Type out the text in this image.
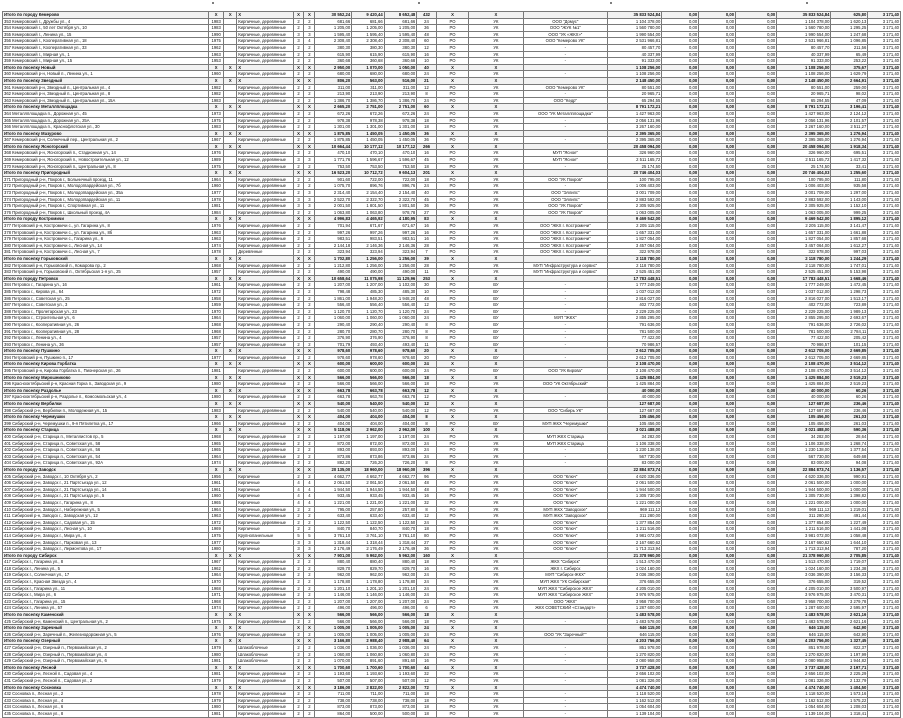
Итого по городу Кемерово	X	X	X	X	X	30 552,24	9 420,44	8 652,48	432	X	X		35 833 524,84	0,00	0,00	0,00	35 833 524,84	625,80	3 171,40
353 Кемеровский г., Дружбы ул., 4	1983		Кирпичные, деревянные	2	2	681,66	681,66	681,66	24	РО	УК	ООО "Домус"	1 104 378,00	0,00	0,00	0,00	1 104 378,00	1 620,13	3 171,40
354 Кемеровский г., 50 лет Октября ул., 10	1983		Кирпичные, деревянные	2	3	1 205,00	1 205,00	1 205,00	36	РО	УК	ООО "ЖУК №1"	1 560 780,00	0,00	0,00	0,00	1 560 780,00	1 295,25	3 171,40
355 Кемеровский г., Ленина ул., 15	1990		Кирпичные, деревянные	3	3	1 595,40	1 595,40	1 595,40	48	РО	УК	ООО "УК «ЖКХ»"	1 990 554,00	0,00	0,00	0,00	1 990 554,00	1 247,68	3 171,40
356 Кемеровский г., Кооперативная ул., 18	1975		Кирпичные, деревянные	3	4	2 308,40	2 308,40	2 308,40	60	РО	УК	ООО "Кемерово УК"	2 531 966,81	0,00	0,00	0,00	2 531 966,81	1 096,85	3 171,40
357 Кемеровский г., Кооперативная ул., 33	1962		Кирпичные, деревянные	2	2	380,30	380,30	380,30	12	РО	УК	-	80 457,70	0,00	0,00	0,00	80 457,70	211,56	3 171,40
358 Кемеровский г., Мирная ул., 1	1963		Кирпичные, деревянные	2	2	615,90	615,90	615,90	16	РО	УК	-	40 337,99	0,00	0,00	0,00	40 337,99	65,49	3 171,40
359 Кемеровский г., Мирная ул., 15	1953		Кирпичные, деревянные	2	2	360,68	360,68	360,68	10	РО	УК	-	91 333,00	0,00	0,00	0,00	91 333,00	253,22	3 171,40
Итого по поселку Новый	X	X	X	X	X	2 950,00	1 070,00	1 050,00	40	X	X		1 108 256,00	0,00	0,00	0,00	1 108 256,00	375,67	3 171,40
360 Кемеровский р-н, Новый п., Ленина ул., 1	1960		Кирпичные, деревянные	2	2	680,00	680,00	680,00	24	РО	УК	-	1 108 256,00	0,00	0,00	0,00	1 108 256,00	1 629,79	3 171,40
Итого по поселку Звездный	X	X	X	X	X	806,20	563,00	516,00	21	X	X		2 148 450,00	0,00	0,00	0,00	2 148 450,00	2 664,91	3 171,40
361 Кемеровский р-н, Звездный п., Центральная ул., 4	1982		Кирпичные, деревянные	2	2	311,00	311,00	311,00	12	РО	УК	ООО "Кемерово УК"	80 551,00	0,00	0,00	0,00	80 551,00	259,00	3 171,40
362 Кемеровский р-н, Звездный п., Центральная ул., 8	1982		Кирпичные, деревянные	2	2	213,90	213,90	213,90	8	РО	УК	-	20 965,71	0,00	0,00	0,00	20 965,71	98,02	3 171,40
363 Кемеровский р-н, Звездный п., Центральная ул., 15А	1983		Кирпичные, деревянные	2	2	1 386,70	1 386,70	1 386,70	24	РО	УК	ООО "Кедр"	65 294,55	0,00	0,00	0,00	65 294,55	47,09	3 171,40
Итого по поселку Металлплощадка	X	X	X	X	X	2 665,20	2 751,00	2 751,00	60	X	X		8 791 172,21	0,00	0,00	0,00	8 791 172,21	3 196,41	3 171,40
364 Металлплощадка п., Дорожная ул., 45	1973		Кирпичные, деревянные	2	2	672,26	672,26	672,26	24	РО	УК	ООО "УК Металлплощадка"	1 427 963,00	0,00	0,00	0,00	1 427 963,00	2 124,12	3 171,40
365 Металлплощадка п., Дорожная ул., 25А	1975		Кирпичные, деревянные	2	2	978,38	978,38	978,38	18	РО	УК	-	2 056 131,96	0,00	0,00	0,00	2 056 131,96	2 101,57	3 171,40
366 Металлплощадка п., Краснофлотская ул., 30	1983		Кирпичные, деревянные	2	2	1 301,00	1 301,00	1 301,00	18	РО	УК	-	3 267 160,00	0,00	0,00	0,00	3 267 160,00	2 511,27	3 171,40
Итого по поселку Мазурово	X	X	X	X	X	1 875,85	1 450,05	1 450,05	36	X	X		2 395 365,00	0,00	0,00	0,00	2 395 365,00	1 276,94	3 171,40
367 Кемеровский р-н, Солнечный пер., Центральная ул., 2	1967		Кирпичные, деревянные	2	2	1 875,85	1 450,05	1 450,05	36	РО	УК	-	2 395 365,00	0,00	0,00	0,00	2 395 365,00	1 276,94	3 171,40
Итого по поселку Ясногорский	X	X	X	X	X	10 664,44	10 177,12	10 177,12	266	X	X		20 458 094,00	0,00	0,00	0,00	20 458 094,00	1 918,34	3 171,40
368 Кемеровский р-н, Ясногорский п., Стадионная ул., 14	1976		Кирпичные, деревянные	2	2	470,10	470,10	470,10	16	РО	УК	МУП "Ясное"	326 960,00	0,00	0,00	0,00	326 960,00	695,51	3 171,40
369 Кемеровский р-н, Ясногорский п., Новостроительная ул., 12	1989		Кирпичные, деревянные	3	3	1 771,76	1 596,67	1 596,67	45	РО	УК	МУП "Ясное"	2 511 165,72	0,00	0,00	0,00	2 511 165,72	1 417,32	3 171,40
370 Кемеровский р-н, Ясногорский п., Центральная ул., 8	1975		Кирпичные, деревянные	2	2	753,50	753,50	753,50	18	РО	УК	-	25 174,50	0,00	0,00	0,00	25 174,50	33,41	3 171,40
Итого по поселку Пригородный	X	X	X	X	X	16 523,20	10 712,72	9 604,13	201	X	X		20 746 404,03	0,00	0,00	0,00	20 746 404,03	1 255,60	3 171,40
371 Пригородный р-н, Покров г., Больничный проезд, 11	1964		Кирпичные, деревянные	2	2	901,60	722,00	722,00	18	РО	УК	ООО "УК Покров"	100 795,00	0,00	0,00	0,00	100 795,00	111,80	3 171,40
372 Пригородный р-н, Покров г., Молодогвардейская ул., 7б	1960		Кирпичные, деревянные	2	2	1 075,70	896,76	896,76	24	РО	УК	-	1 006 403,00	0,00	0,00	0,00	1 006 403,00	935,58	3 171,40
373 Пригородный р-н, Покров г., Молодогвардейская ул., 35а	1977		Кирпичные, деревянные	2	3	2 314,40	2 154,40	2 154,40	40	РО	УК	ООО "Эллипс"	3 001 709,00	0,00	0,00	0,00	3 001 709,00	1 297,00	3 171,40
374 Пригородный р-н, Покров г., Молодогвардейская ул., 11	1978		Кирпичные, деревянные	3	3	2 522,70	2 322,70	2 322,70	45	РО	УК	ООО "Эллипс"	2 883 592,00	0,00	0,00	0,00	2 883 592,00	1 143,00	3 171,40
375 Пригородный р-н, Покров г., Спортивная ул., 11	1981		Кирпичные, деревянные	3	3	2 001,50	1 801,50	1 801,50	36	РО	УК	ООО "УК Покров"	2 305 925,00	0,00	0,00	0,00	2 305 925,00	1 152,10	3 171,40
376 Пригородный р-н, Покров г., Школьный проезд, 4А	1984		Кирпичные, деревянные	2	2	1 063,80	1 063,80	978,78	27	РО	УК	ООО "УК Покров"	1 063 005,00	0,00	0,00	0,00	1 063 005,00	999,25	3 171,40
Итого по городу Костромичи	X	X	X	X	X	4 996,83	4 465,92	4 180,95	83	X	X		9 469 542,00	0,00	0,00	0,00	9 469 542,00	1 895,12	3 171,40
377 Петровский р-н, Костромичи с., ул. Гагарина ул., 8	1976		Кирпичные, деревянные	2	2	701,94	671,67	671,67	16	РО	УК	ООО "ЖКХ г. Костромичи"	2 205 115,00	0,00	0,00	0,00	2 205 115,00	3 141,47	3 171,40
378 Петровский р-н, Костромичи с., ул. Гагарина ул., 8б	1963		Кирпичные, деревянные	2	2	997,26	997,26	997,26	16	РО	УК	ООО "ЖКХ г. Костромичи"	1 657 331,00	0,00	0,00	0,00	1 657 331,00	1 661,88	3 171,40
379 Петровский р-н, Костромичи с., Гагарина ул., 6	1963		Кирпичные, деревянные	2	2	983,51	983,51	983,51	16	РО	УК	ООО "ЖКХ г. Костромичи"	1 827 054,00	0,00	0,00	0,00	1 827 054,00	1 857,68	3 171,40
380 Петровский р-н, Костромичи с., Лесная ул., 14	1974		Кирпичные, деревянные	2	2	2 144,18	2 146,36	2 146,36	28	РО	УК	ООО "ЖКХ г. Костромичи"	3 457 064,00	0,00	0,00	0,00	3 457 064,00	1 612,27	3 171,40
381 Петровский р-н, Костромичи с., Лесная ул., 7	1978		Деревянные	2	2	323,94	323,94	323,94	7	РО	УК	ООО "ЖКХ г. Костромичи"	322 978,00	0,00	0,00	0,00	322 978,00	997,03	3 171,40
Итого по поселку Горьковский	X	X	X	X	X	1 702,80	1 256,00	1 256,00	39	X	X		2 118 780,00	0,00	0,00	0,00	2 118 780,00	1 244,29	3 171,40
382 Петровский р-н, Горьковский п., Комарова пр., 2	1968		Кирпичные, деревянные	2	2	1 212,80	1 256,00	1 256,00	28	РО	УК	МУП "Инфраструктура и сервис"	2 118 780,00	0,00	0,00	0,00	2 118 780,00	1 747,01	3 171,40
383 Петровский р-н, Горьковский п., Октябрьская 1-я ул., 25	1957		Кирпичные, деревянные	2	2	490,00	490,00	490,00	11	РО	УК	МУП "Инфраструктура и сервис"	2 525 451,00	0,00	0,00	0,00	2 525 451,00	5 153,98	3 171,40
Итого по городу Петровск	X	X	X	X	X	10 658,64	11 075,98	11 129,96	253	X	X		17 783 448,51	0,00	0,00	0,00	17 783 448,51	1 668,46	3 171,40
384 Петровск г., Гагарина ул., 16	1961		Кирпичные, деревянные	2	2	1 207,00	1 207,00	1 102,00	30	РО	ВУ	-	1 777 249,00	0,00	0,00	0,00	1 777 249,00	1 472,45	3 171,40
385 Петровск г., Кирова ул., 64	1972		Кирпичные, деревянные	2	2	798,48	485,30	485,30	10	РО	ВУ	-	1 037 012,00	0,00	0,00	0,00	1 037 012,00	1 298,73	3 171,40
386 Петровск г., Советская ул., 25	1958		Кирпичные, деревянные	2	2	1 861,00	1 948,20	1 948,20	48	РО	ВУ	-	2 816 027,00	0,00	0,00	0,00	2 816 027,00	1 513,17	3 171,40
387 Петровск г., Советская ул., 3	1959		Кирпичные, деревянные	2	2	556,40	556,40	556,40	12	РО	ВУ	-	402 772,00	0,00	0,00	0,00	402 772,00	723,89	3 171,40
388 Петровск г., Пролетарская ул., 23	1970		Кирпичные, деревянные	2	2	1 120,70	1 120,70	1 120,70	24	РО	ВУ	-	2 229 225,00	0,00	0,00	0,00	2 229 225,00	1 989,13	3 171,40
389 Петровск г., Строительная ул., 6	1964		Кирпичные, деревянные	2	2	1 060,00	1 060,00	1 060,00	24	РО	ВУ	МУП "ЖКХ"	2 855 295,00	0,00	0,00	0,00	2 855 295,00	2 693,67	3 171,40
390 Петровск г., Кооперативная ул., 26	1968		Кирпичные, деревянные	2	2	290,40	290,40	290,40	8	РО	ВУ	-	791 636,00	0,00	0,00	0,00	791 636,00	2 726,02	3 171,40
391 Петровск г., Кооперативная ул., 28	1968		Кирпичные, деревянные	2	2	280,70	280,70	280,70	8	РО	ВУ	-	781 500,00	0,00	0,00	0,00	781 500,00	2 784,11	3 171,40
392 Петровск г., Ленина ул., 4	1957		Кирпичные, деревянные	2	2	376,90	376,90	376,90	8	РО	ВУ	-	77 422,00	0,00	0,00	0,00	77 422,00	205,42	3 171,40
393 Петровск г., Ленина ул., 36	1957		Кирпичные, деревянные	2	2	701,79	493,40	493,40	11	РО	ВУ	-	70 986,57	0,00	0,00	0,00	70 986,57	101,15	3 171,40
Итого по поселку Пушкино	X	X	X	X	X	978,60	978,60	978,60	20	X	X		2 612 705,00	0,00	0,00	0,00	2 612 705,00	2 669,85	3 171,40
394 Петровский р-н, Пушкино п., 17	1977		Кирпичные, деревянные	2	2	978,60	978,60	978,60	20	РО	ВУ	-	2 612 705,00	0,00	0,00	0,00	2 612 705,00	2 669,85	3 171,40
Итого по поселку Кирова Горбатка	X	X	X	X	X	600,00	600,00	600,00	24	X	X		2 108 470,00	0,00	0,00	0,00	2 108 470,00	3 514,12	3 171,40
395 Петровский р-н, Кирова Горбатка п., Пионерская ул., 26	1981		Кирпичные, деревянные	2	2	600,00	600,00	600,00	24	РО	ВУ	ООО "УК Кирова"	2 108 470,00	0,00	0,00	0,00	2 108 470,00	3 514,12	3 171,40
Итого по поселку Мирошниково	X	X	X	X	X	566,00	566,00	566,00	18	X	X		1 425 884,00	0,00	0,00	0,00	1 425 884,00	2 519,23	3 171,40
396 Краснооктябрьский р-н, Красная Горка п., Заводская ул., 9	1980		Кирпичные, деревянные	2	2	566,00	566,00	566,00	18	РО	УК	ООО "УК Октябрьский"	1 425 884,00	0,00	0,00	0,00	1 425 884,00	2 519,23	3 171,40
Итого по поселку Раздолье	X	X	X	X	X	663,78	663,78	663,78	12	X	X		40 000,00	0,00	0,00	0,00	40 000,00	60,26	3 171,40
397 Краснооктябрьский р-н, Раздолье п., Комсомольская ул., 4	1980		Кирпичные, деревянные	2	2	663,78	663,78	663,78	12	РО	УК	-	40 000,00	0,00	0,00	0,00	40 000,00	60,26	3 171,40
Итого по поселку Вербилки	X	X	X	X	X	540,00	540,00	540,00	12	X	X		127 687,00	0,00	0,00	0,00	127 687,00	236,46	3 171,40
398 Сибирский р-н, Вербилки п., Молодежная ул., 15	1983		Кирпичные, деревянные	2	2	540,00	540,00	540,00	12	РО	УК	ООО "Сибирь УК"	127 687,00	0,00	0,00	0,00	127 687,00	236,46	3 171,40
Итого по поселку Черемушки	X	X	X	X	X	404,00	404,00	404,00	8	X	X		105 456,00	0,00	0,00	0,00	105 456,00	261,03	3 171,40
399 Сибирский р-н, Черемушки п., 9-я Пятилетка ул., 17	1966		Кирпичные, деревянные	2	2	404,00	404,00	404,00	8	РО	ВУ	МУП ЖКХ "Черемушки"	105 456,00	0,00	0,00	0,00	105 456,00	261,03	3 171,40
Итого по поселку Старица	X	X	X	X	X	5 118,06	2 962,00	2 962,00	100	X	X		3 021 488,00	0,00	0,00	0,00	3 021 488,00	590,36	3 171,40
400 Сибирский р-н, Старица п., Металлистов пр., 5	1968		Кирпичные, деревянные	2	2	1 197,00	1 197,00	1 197,00	24	РО	УК	МУП ЖКХ Старица	34 282,00	0,00	0,00	0,00	34 282,00	28,64	3 171,40
401 Сибирский р-н, Старица п., Советская ул., 58	1965		Кирпичные, деревянные	2	2	872,00	872,00	872,00	24	РО	УК	МУП ЖКХ Старица	1 106 338,00	0,00	0,00	0,00	1 106 338,00	1 268,74	3 171,40
402 Сибирский р-н, Старица п., Советская ул., 56	1965		Кирпичные, деревянные	2	2	893,00	893,00	893,00	24	РО	УК	-	1 230 138,00	0,00	0,00	0,00	1 230 138,00	1 377,54	3 171,40
403 Сибирский р-н, Старица п., Советская ул., 54	1964		Кирпичные, деревянные	2	2	873,86	873,86	873,86	24	РО	УК	-	567 730,00	0,00	0,00	0,00	567 730,00	649,68	3 171,40
404 Сибирский р-н, Старица п., Советская ул., 92А	1974		Кирпичные, деревянные	2	2	882,20	726,20	726,20	8	РО	УК	-	83 000,00	0,00	0,00	0,00	83 000,00	94,08	3 171,40
Итого по городу Заводск	X	X	X	X	X	20 135,00	18 960,00	18 960,00	396	X	X		22 884 873,74	0,00	0,00	0,00	22 884 873,74	1 136,57	3 171,40
405 Сибирский р-н, Заводск г., 10 Октября ул., 2	1956		Кирпичные	2	2	4 662,77	4 662,77	4 662,77	96	РО	УК	ООО "Ключ"	4 620 336,00	0,00	0,00	0,00	4 620 336,00	990,91	3 171,40
406 Сибирский р-н, Заводск г., 21 Партсъезда ул., 12	1961		Кирпичные	4	4	2 061,50	2 061,50	2 061,50	48	РО	УК	ООО "Ключ"	2 061 500,00	0,00	0,00	0,00	2 061 500,00	1 000,00	3 171,40
407 Сибирский р-н, Заводск г., 21 Партсъезда ул., 14	1961		Кирпичные	4	4	1 944,50	1 944,50	1 944,50	48	РО	УК	ООО "Ключ"	1 944 500,00	0,00	0,00	0,00	1 944 500,00	1 000,00	3 171,40
408 Сибирский р-н, Заводск г., 21 Партсъезда ул., 5	1960		Кирпичные	4	4	933,45	933,45	933,45	16	РО	УК	ООО "Ключ"	1 305 730,00	0,00	0,00	0,00	1 305 730,00	1 398,82	3 171,40
409 Сибирский р-н, Заводск г., Гагарина ул., 8	1965		Кирпичные	4	4	1 221,00	1 221,00	1 221,00	32	РО	УК	ООО "Ключ"	1 221 000,00	0,00	0,00	0,00	1 221 000,00	1 000,00	3 171,40
410 Сибирский р-н, Заводск г., Набережная ул., 5	1964		Кирпичные, деревянные	2	2	795,00	257,80	257,80	8	РО	УК	МУП ЖКХ "Заводское"	969 111,12	0,00	0,00	0,00	969 111,12	1 219,01	3 171,40
411 Сибирский р-н, Заводск г., Заводская ул., 12	1963		Кирпичные, деревянные	2	2	633,40	633,40	633,40	12	РО	УК	МУП ЖКХ "Заводское"	311 280,00	0,00	0,00	0,00	311 280,00	491,44	3 171,40
412 Сибирский р-н, Заводск г., Садовая ул., 15	1972		Кирпичные, деревянные	2	2	1 122,50	1 122,50	1 122,50	24	РО	УК	ООО "Ключ"	1 377 854,00	0,00	0,00	0,00	1 377 854,00	1 227,49	3 171,40
413 Сибирский р-н, Заводск г., Лесная ул., 10	1969		Кирпичные	2	2	840,70	840,70	840,70	18	РО	УК	ООО "Ключ"	1 211 516,00	0,00	0,00	0,00	1 211 516,00	1 441,08	3 171,40
414 Сибирский р-н, Заводск г., Мира ул., 4	1975		Крупнопанельные	5	5	3 761,10	3 761,10	3 761,10	80	РО	УК	ООО "Ключ"	3 981 072,00	0,00	0,00	0,00	3 981 072,00	1 058,48	3 171,40
415 Сибирский р-н, Заводск г., Парковая ул., 13	1977		Кирпичные	3	3	1 318,44	1 318,44	1 318,44	27	РО	УК	ООО "Ключ"	2 167 660,62	0,00	0,00	0,00	2 167 660,62	1 644,10	3 171,40
416 Сибирский р-н, Заводск г., Лермонтова ул., 17	1980		Кирпичные	3	3	2 176,49	2 176,49	2 176,49	36	РО	УК	ООО "Ключ"	1 713 313,94	0,00	0,00	0,00	1 713 313,94	787,20	3 171,40
Итого по городу Сибирск	X	X	X	X	X	7 901,00	5 962,00	5 962,00	160	X	X		21 378 960,00	0,00	0,00	0,00	21 378 960,00	2 705,85	3 171,40
417 Сибирск г., Гагарина ул., 8	1967		Кирпичные, деревянные	2	2	880,40	880,40	880,40	18	РО	УК	ЖКХ "Сибирск"	1 513 470,00	0,00	0,00	0,00	1 513 470,00	1 719,07	3 171,40
418 Сибирск г., Ленина ул., 5	1962		Кирпичные, деревянные	2	2	829,70	829,70	829,70	16	РО	УК	ЖКХ г. Сибирск	1 024 160,00	0,00	0,00	0,00	1 024 160,00	1 234,38	3 171,40
419 Сибирск г., Солнечная ул., 17	1964		Кирпичные, деревянные	2	2	962,00	962,00	962,00	24	РО	УК	МУП "Сибирск-ЖКХ"	3 036 390,00	0,00	0,00	0,00	3 036 390,00	3 156,33	3 171,40
420 Сибирск г., Красная Звезда ул., 4	1970		Кирпичные, деревянные	2	2	1 178,80	1 178,80	1 178,80	24	РО	УК	МУП ЖКХ "УК Сибирская"	376 655,00	0,00	0,00	0,00	376 655,00	319,52	3 171,40
421 Сибирск г., Гагарина ул., 11	1968		Кирпичные, деревянные	2	2	1 201,10	1 201,10	1 201,10	24	РО	УК	МУП ЖКХ "Сибирское ЖКХ"	4 205 010,00	0,00	0,00	0,00	4 205 010,00	3 500,97	3 171,40
422 Сибирск г., Мира ул., 6	1971		Кирпичные, деревянные	2	2	1 146,00	1 146,00	1 146,00	24	РО	УК	МУП ЖКХ "Сибирское ЖКХ"	3 976 975,00	0,00	0,00	0,00	3 976 975,00	3 470,31	3 171,40
423 Сибирск г., Гагарина ул., 15	1968		Кирпичные, деревянные	2	2	1 207,00	1 207,00	1 207,00	24	РО	УК	ООО "ЖКХ"	3 958 700,00	0,00	0,00	0,00	3 958 700,00	3 279,78	3 171,40
424 Сибирск г., Ленина ул., 57	1974		Кирпичные, деревянные	2	2	496,00	496,00	496,00	6	РО	УК	ЖКХ СОВЕТСКИЙ «Стандарт»	1 287 600,00	0,00	0,00	0,00	1 287 600,00	2 595,97	3 171,40
Итого по поселку Каменский	X	X	X	X	X	566,00	566,00	566,00	18	X	X		1 483 578,00	0,00	0,00	0,00	1 483 578,00	2 621,16	3 171,40
425 Сибирский р-н, Каменский п., Центральная ул., 2	1975		Кирпичные, деревянные	2	2	566,00	566,00	566,00	18	РО	УК	-	1 483 578,00	0,00	0,00	0,00	1 483 578,00	2 621,16	3 171,40
Итого по поселку Заречный	X	X	X	X	X	1 005,00	1 005,00	1 005,00	24	X	X		646 115,00	0,00	0,00	0,00	646 115,00	642,90	3 171,40
426 Сибирский р-н, Заречный п., Железнодорожная ул., 5	1976		Кирпичные, деревянные	2	2	1 005,00	1 005,00	1 005,00	24	РО	УК	ООО "УК "Заречный""	646 115,00	0,00	0,00	0,00	646 115,00	642,90	3 171,40
Итого по поселку Озерный	X	X	X	X	X	3 166,80	2 988,40	2 988,40	64	X	X		4 203 756,00	0,00	0,00	0,00	4 203 756,00	1 327,45	3 171,40
427 Сибирский р-н, Озерный п., Первомайская ул., 2	1979		Шлакоблочные	2	2	1 036,00	1 036,00	1 036,00	24	РО	УК	-	851 978,00	0,00	0,00	0,00	851 978,00	822,37	3 171,40
428 Сибирский р-н, Озерный п., Первомайская ул., 4	1980		Шлакоблочные	2	2	1 060,80	1 060,80	1 060,80	24	РО	УК	-	1 270 820,00	0,00	0,00	0,00	1 270 820,00	1 197,99	3 171,40
429 Сибирский р-н, Озерный п., Первомайская ул., 6	1981		Шлакоблочные	2	2	1 070,00	891,60	891,60	16	РО	УК	-	2 080 958,00	0,00	0,00	0,00	2 080 958,00	1 944,82	3 171,40
Итого по поселку Лесной	X	X	X	X	X	1 700,60	1 700,60	1 700,60	44	X	X		3 737 428,00	0,00	0,00	0,00	3 737 428,00	2 197,71	3 171,40
430 Сибирский р-н, Лесной п., Садовая ул., 4	1981		Кирпичные, деревянные	2	2	1 193,60	1 193,60	1 193,60	32	РО	УК	-	2 656 102,00	0,00	0,00	0,00	2 656 102,00	2 225,29	3 171,40
431 Сибирский р-н, Лесной п., Садовая ул., 2	1979		Кирпичные, деревянные	2	2	507,00	507,00	507,00	12	РО	УК	-	1 081 326,00	0,00	0,00	0,00	1 081 326,00	2 132,79	3 171,40
Итого по поселку Сосновка	X	X	X	X	X	3 186,00	2 822,00	2 822,00	72	X	X		4 474 740,00	0,00	0,00	0,00	4 474 740,00	1 404,50	3 171,40
432 Сосновка п., Лесная ул., 2	1978		Кирпичные, деревянные	2	2	711,00	711,00	711,00	18	РО	УК	-	1 118 520,00	0,00	0,00	0,00	1 118 520,00	1 573,16	3 171,40
433 Сосновка п., Лесная ул., 4	1979		Кирпичные, деревянные	2	2	738,00	738,00	738,00	18	РО	УК	-	1 162 512,00	0,00	0,00	0,00	1 162 512,00	1 575,22	3 171,40
434 Сосновка п., Лесная ул., 6	1980		Кирпичные, деревянные	2	2	873,00	873,00	873,00	18	РО	УК	-	1 054 604,00	0,00	0,00	0,00	1 054 604,00	1 208,03	3 171,40
435 Сосновка п., Лесная ул., 8	1981		Кирпичные, деревянные	2	2	864,00	500,00	500,00	18	РО	УК	-	1 139 104,00	0,00	0,00	0,00	1 139 104,00	1 318,41	3 171,40
